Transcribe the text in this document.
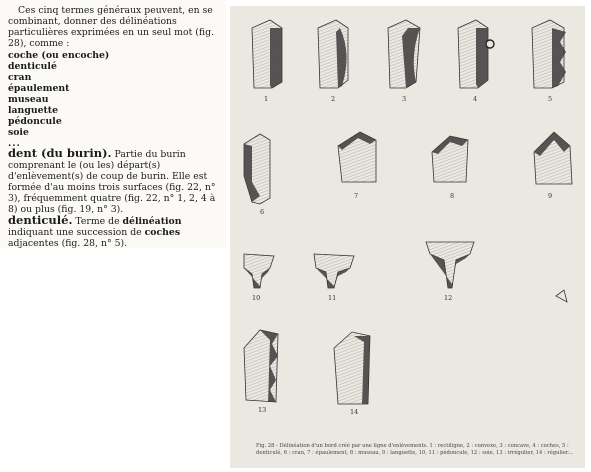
Ces cinq termes généraux peuvent, en se combinant, donner des délinéations particulières exprimées en un seul mot (fig. 28), comme :
coche (ou encoche)
denticulé
cran
épaulement
museau
languette
pédoncule
soie
...
dent (du burin). Partie du burin comprenant le (ou les) départ(s) d'enlèvement(s) de coup de burin. Elle est formée d'au moins trois surfaces (fig. 22, n° 3), fréquemment quatre (fig. 22, n° 1, 2, 4 à 8) ou plus (fig. 19, n° 3).
denticulé. Terme de délinéation indiquant une succession de coches adjacentes (fig. 28, n° 5).
1	2	3	4	5
6
7	8	9
10	11	12
13	14
Fig. 28 - Délinéation d'un bord créé par une ligne d'enlèvements. 1 : rectiligne, 2 : convexe, 3 : concave, 4 : coches, 5 : denticulé, 6 : cran, 7 : épaulement, 8 : museau, 9 : languette, 10, 11 : pédoncule, 12 : soie, 13 : irrégulier, 14 : régulier...
